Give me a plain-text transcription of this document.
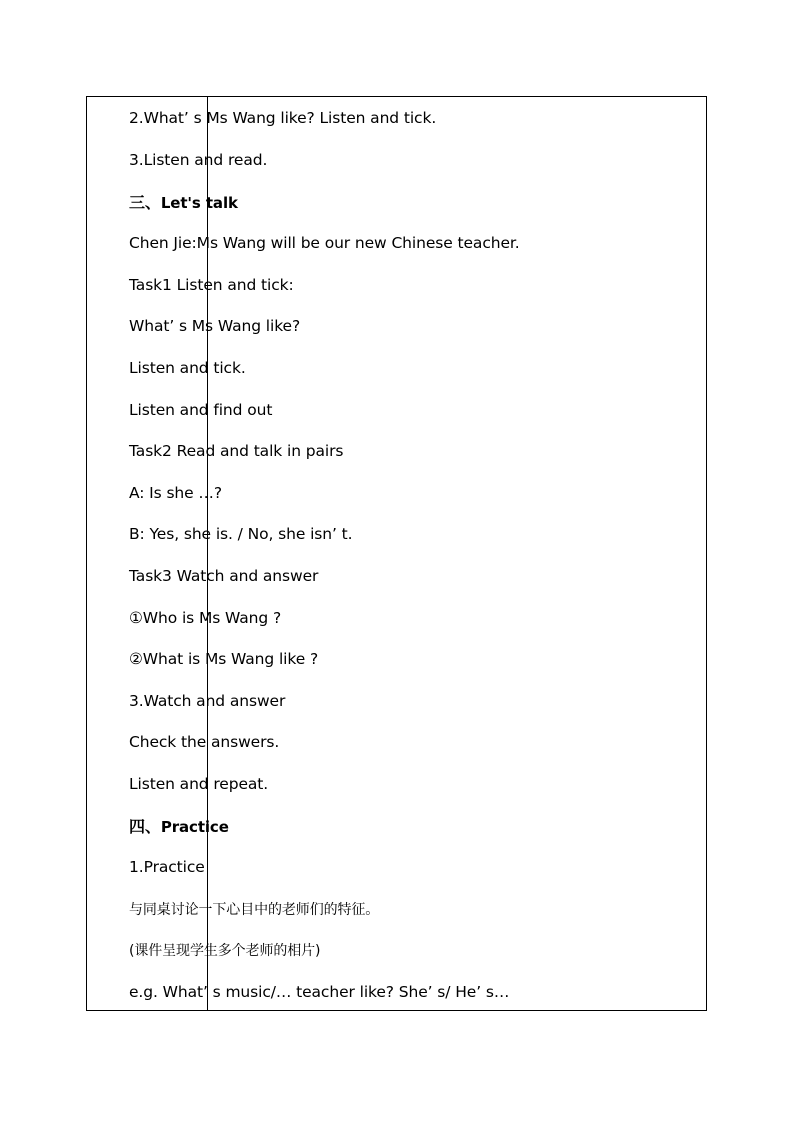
2.What’ s Ms Wang like? Listen and tick.
3.Listen and read.
三、Let's talk
Chen Jie:Ms Wang will be our new Chinese teacher.
Task1 Listen and tick:
What’ s Ms Wang like?
Listen and tick.
Listen and find out
Task2 Read and talk in pairs
A: Is she …?
B: Yes, she is. / No, she isn’ t.
Task3 Watch and answer
①Who is Ms Wang ?
②What is Ms Wang like ?
3.Watch and answer
Check the answers.
Listen and repeat.
四、Practice
1.Practice
与同桌讨论一下心目中的老师们的特征。
(课件呈现学生多个老师的相片)
e.g. What’ s music/… teacher like? She’ s/ He’ s…
